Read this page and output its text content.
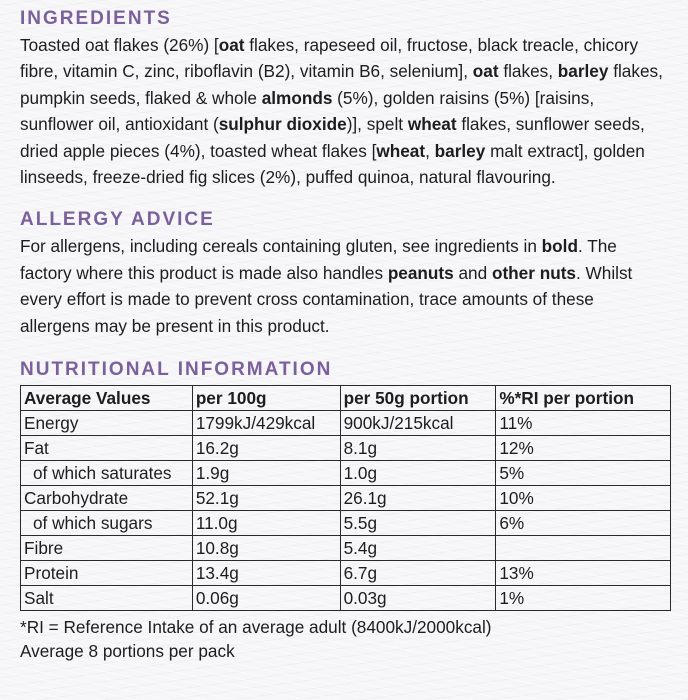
INGREDIENTS

Toasted oat flakes (26%) [oat flakes, rapeseed oil, fructose, black treacle, chicory fibre, vitamin C, zinc, riboflavin (B2), vitamin B6, selenium], oat flakes, barley flakes, pumpkin seeds, flaked & whole almonds (5%), golden raisins (5%) [raisins, sunflower oil, antioxidant (sulphur dioxide)], spelt wheat flakes, sunflower seeds, dried apple pieces (4%), toasted wheat flakes [wheat, barley malt extract], golden linseeds, freeze-dried fig slices (2%), puffed quinoa, natural flavouring.

ALLERGY ADVICE

For allergens, including cereals containing gluten, see ingredients in bold. The factory where this product is made also handles peanuts and other nuts. Whilst every effort is made to prevent cross contamination, trace amounts of these allergens may be present in this product.

NUTRITIONAL INFORMATION
Average Values	per 100g	per 50g portion	%*RI per portion
Energy	1799kJ/429kcal	900kJ/215kcal	11%
Fat	16.2g	8.1g	12%
of which saturates	1.9g	1.0g	5%
Carbohydrate	52.1g	26.1g	10%
of which sugars	11.0g	5.5g	6%
Fibre	10.8g	5.4g	
Protein	13.4g	6.7g	13%
Salt	0.06g	0.03g	1%

*RI = Reference Intake of an average adult (8400kJ/2000kcal)

Average 8 portions per pack
